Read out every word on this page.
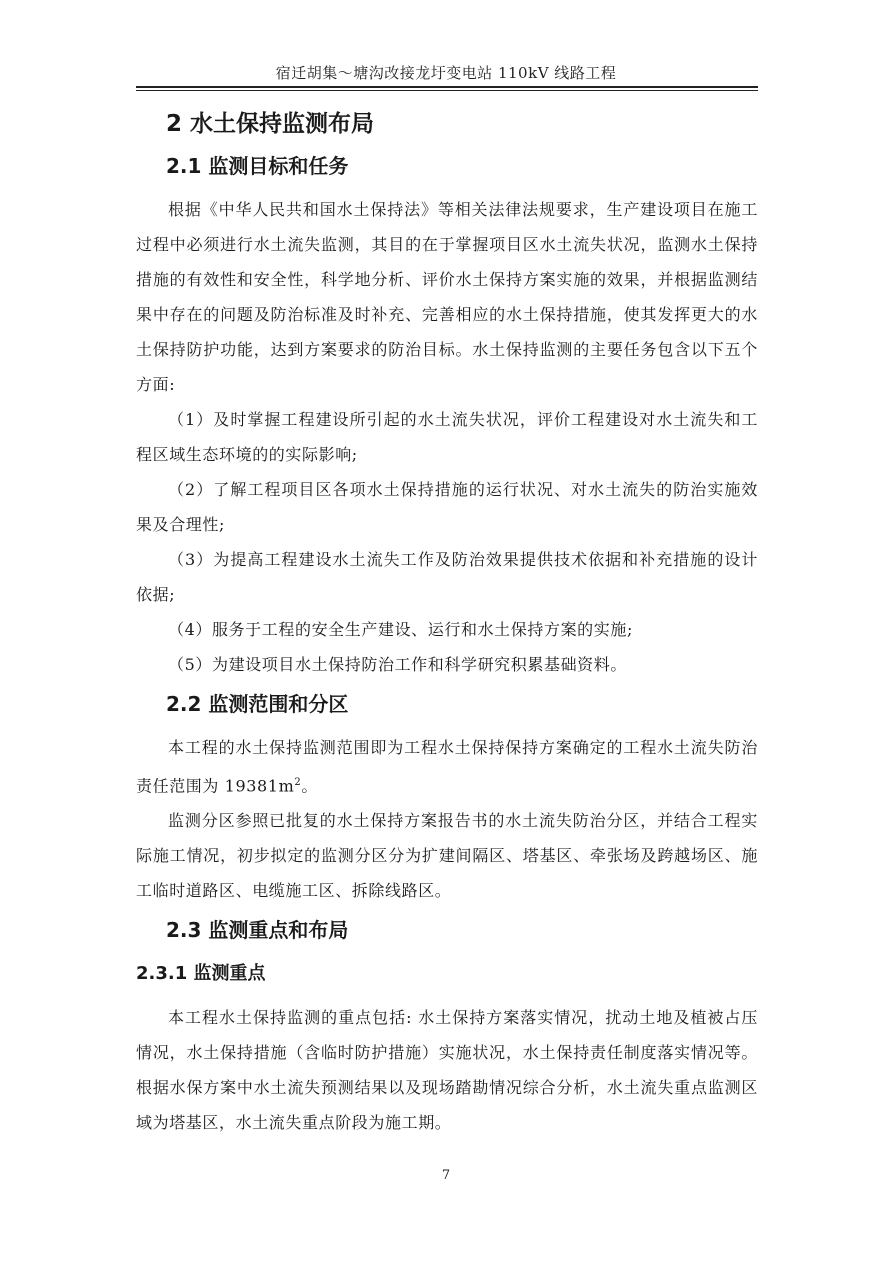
宿迁胡集～塘沟改接龙圩变电站 110kV 线路工程
2 水土保持监测布局
2.1 监测目标和任务

根据《中华人民共和国水土保持法》等相关法律法规要求，生产建设项目在施工过程中必须进行水土流失监测，其目的在于掌握项目区水土流失状况，监测水土保持措施的有效性和安全性，科学地分析、评价水土保持方案实施的效果，并根据监测结果中存在的问题及防治标准及时补充、完善相应的水土保持措施，使其发挥更大的水土保持防护功能，达到方案要求的防治目标。水土保持监测的主要任务包含以下五个方面:

（1）及时掌握工程建设所引起的水土流失状况，评价工程建设对水土流失和工程区域生态环境的的实际影响;

（2）了解工程项目区各项水土保持措施的运行状况、对水土流失的防治实施效果及合理性;

（3）为提高工程建设水土流失工作及防治效果提供技术依据和补充措施的设计依据;

（4）服务于工程的安全生产建设、运行和水土保持方案的实施;

（5）为建设项目水土保持防治工作和科学研究积累基础资料。

2.2 监测范围和分区

本工程的水土保持监测范围即为工程水土保持保持方案确定的工程水土流失防治责任范围为 $19381m^2$。

监测分区参照已批复的水土保持方案报告书的水土流失防治分区，并结合工程实际施工情况，初步拟定的监测分区分为扩建间隔区、塔基区、牵张场及跨越场区、施工临时道路区、电缆施工区、拆除线路区。

2.3 监测重点和布局
2.3.1 监测重点

本工程水土保持监测的重点包括: 水土保持方案落实情况，扰动土地及植被占压情况，水土保持措施（含临时防护措施）实施状况，水土保持责任制度落实情况等。根据水保方案中水土流失预测结果以及现场踏勘情况综合分析，水土流失重点监测区域为塔基区，水土流失重点阶段为施工期。

7
